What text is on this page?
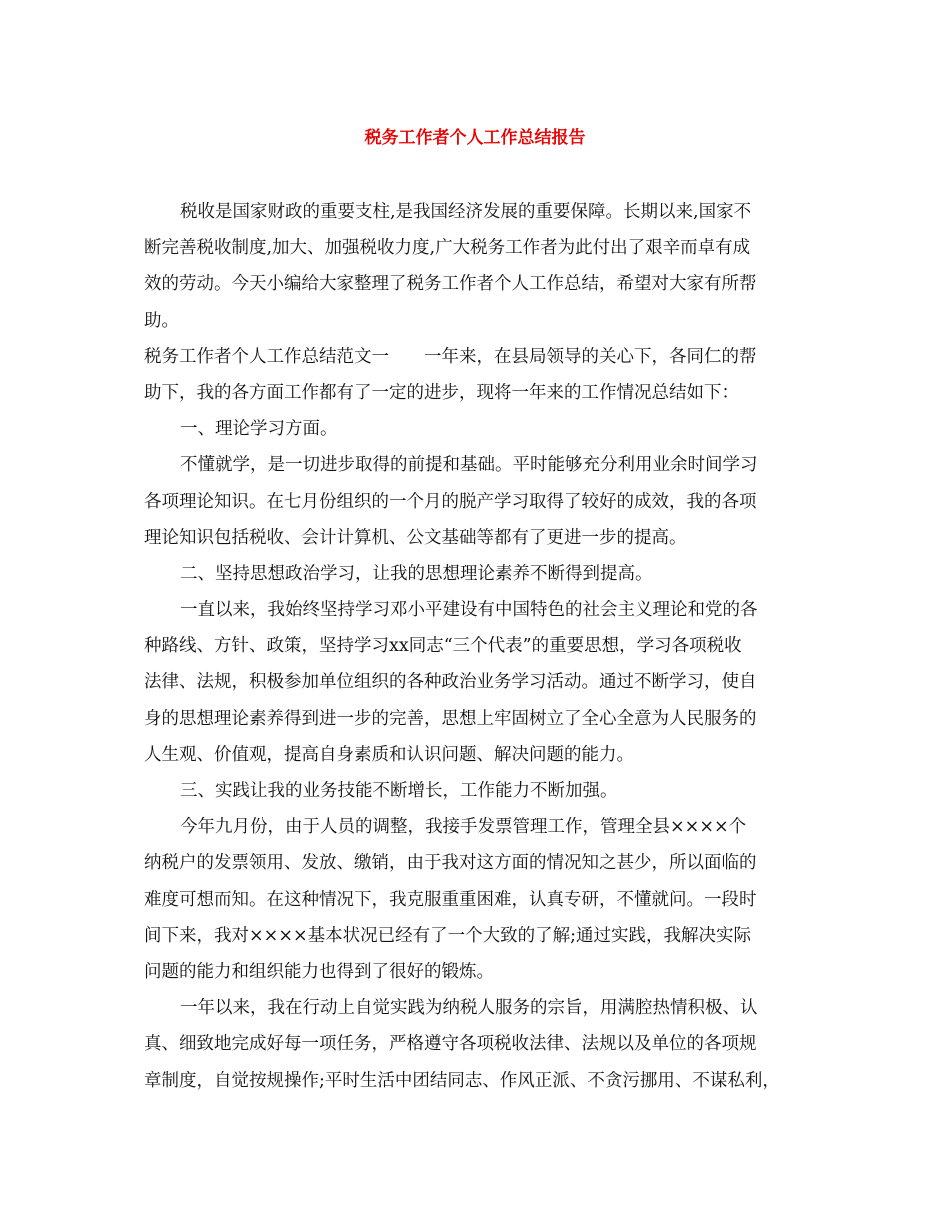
税务工作者个人工作总结报告
税收是国家财政的重要支柱,是我国经济发展的重要保障。长期以来,国家不
断完善税收制度,加大、加强税收力度,广大税务工作者为此付出了艰辛而卓有成
效的劳动。今天小编给大家整理了税务工作者个人工作总结，希望对大家有所帮
助。
税务工作者个人工作总结范文一　　一年来，在县局领导的关心下，各同仁的帮
助下，我的各方面工作都有了一定的进步，现将一年来的工作情况总结如下：
一、理论学习方面。
不懂就学，是一切进步取得的前提和基础。平时能够充分利用业余时间学习
各项理论知识。在七月份组织的一个月的脱产学习取得了较好的成效，我的各项
理论知识包括税收、会计计算机、公文基础等都有了更进一步的提高。
二、坚持思想政治学习，让我的思想理论素养不断得到提高。
一直以来，我始终坚持学习邓小平建设有中国特色的社会主义理论和党的各
种路线、方针、政策，坚持学习xx同志“三个代表”的重要思想，学习各项税收
法律、法规，积极参加单位组织的各种政治业务学习活动。通过不断学习，使自
身的思想理论素养得到进一步的完善，思想上牢固树立了全心全意为人民服务的
人生观、价值观，提高自身素质和认识问题、解决问题的能力。
三、实践让我的业务技能不断增长，工作能力不断加强。
今年九月份，由于人员的调整，我接手发票管理工作，管理全县××××个
纳税户的发票领用、发放、缴销，由于我对这方面的情况知之甚少，所以面临的
难度可想而知。在这种情况下，我克服重重困难，认真专研，不懂就问。一段时
间下来，我对××××基本状况已经有了一个大致的了解;通过实践，我解决实际
问题的能力和组织能力也得到了很好的锻炼。
一年以来，我在行动上自觉实践为纳税人服务的宗旨，用满腔热情积极、认
真、细致地完成好每一项任务，严格遵守各项税收法律、法规以及单位的各项规
章制度，自觉按规操作;平时生活中团结同志、作风正派、不贪污挪用、不谋私利，
